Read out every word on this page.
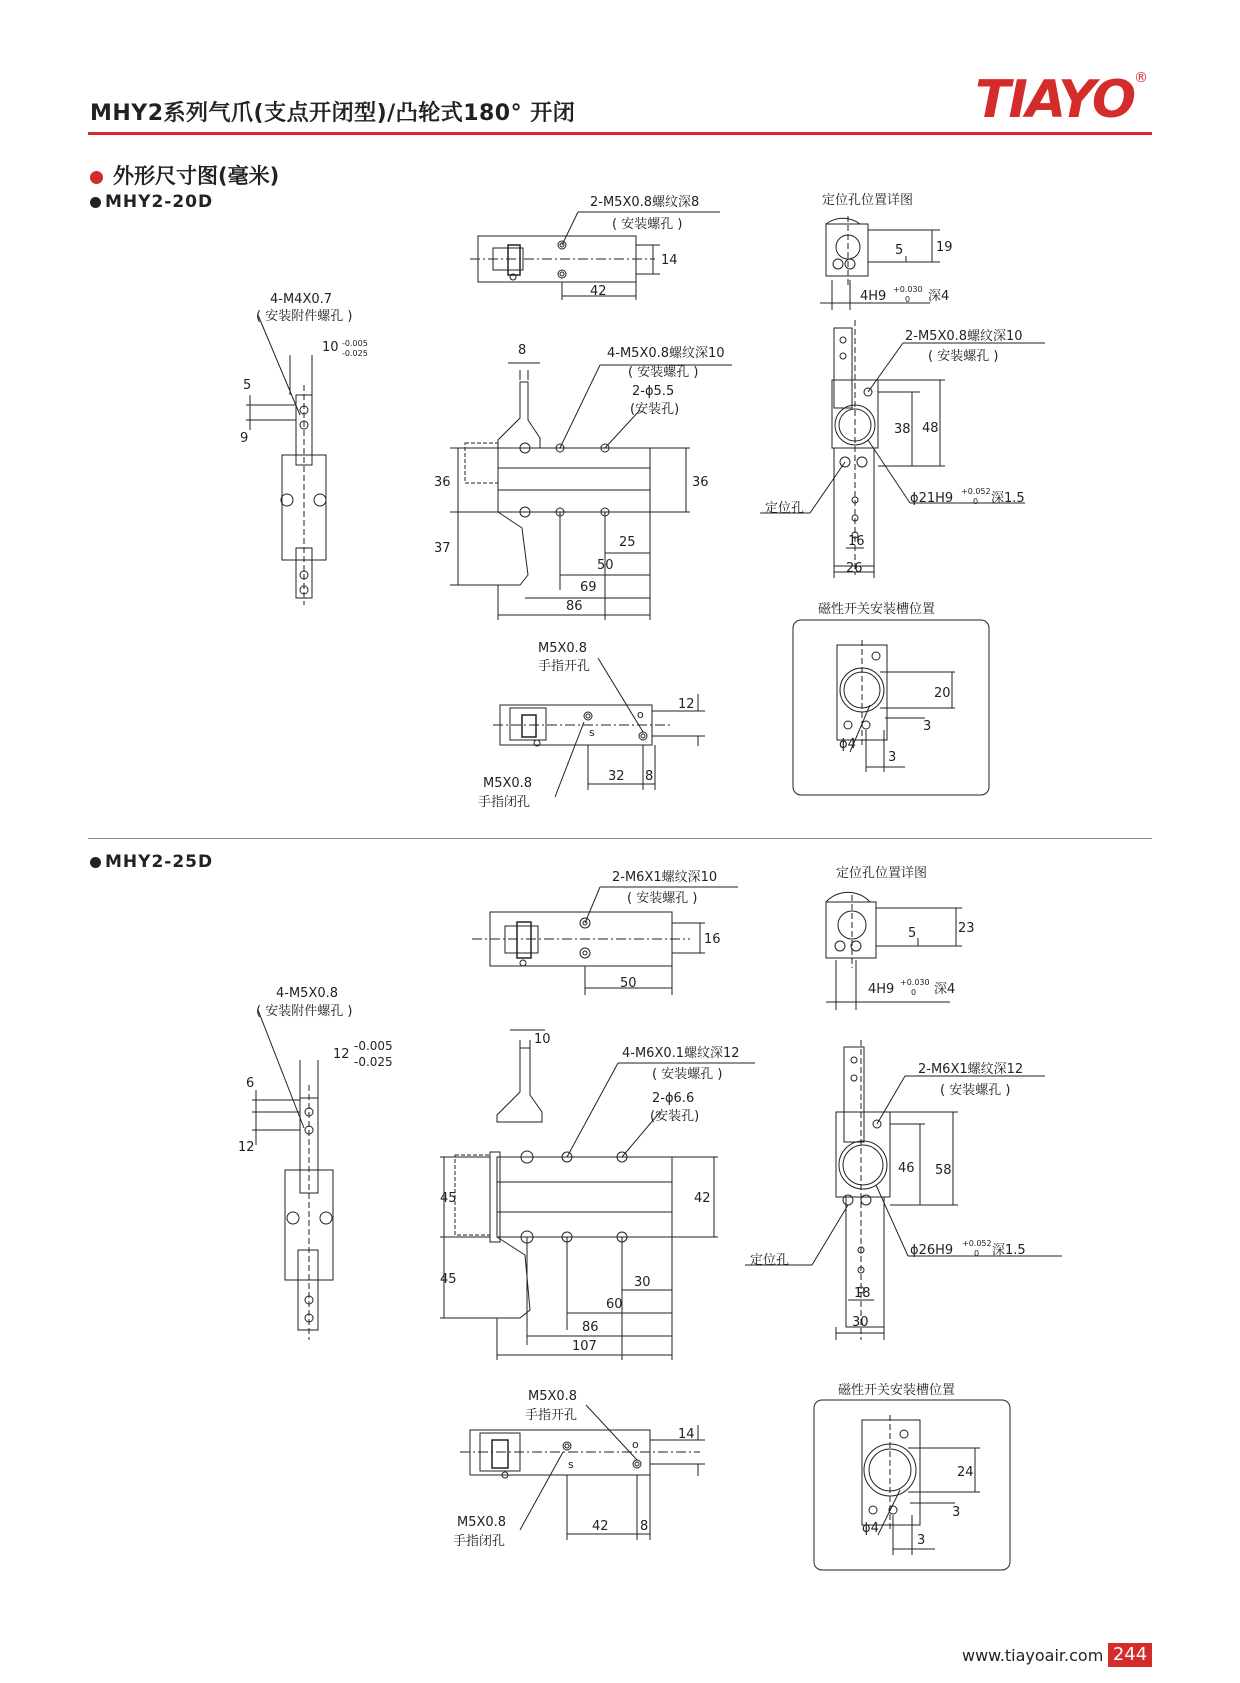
MHY2系列气爪(支点开闭型)/凸轮式180° 开闭	TIAYO ®
外形尺寸图(毫米)
MHY2-20D	2-M5X0.8螺纹深8
( 安装螺孔 )
14
42
定位孔位置详图
5	19
4H9 +0.030
0 深4
4-M4X0.7
( 安装附件螺孔 )
10 -0.005
-0.025
5
9
8	4-M5X0.8螺纹深10
( 安装螺孔 )
2-ϕ5.5
(安装孔)
36	36
37	25
50
69
86
2-M5X0.8螺纹深10
( 安装螺孔 )
38 48
定位孔
ϕ21H9 +0.052
0 深1.5
16
26
磁性开关安装槽位置
20
3
3
ϕ4
M5X0.8
手指开孔
12
o
s
32 8
M5X0.8
手指闭孔
MHY2-25D
2-M6X1螺纹深10
( 安装螺孔 )
16
50
定位孔位置详图
5	23
4H9 +0.030
0 深4
4-M5X0.8
( 安装附件螺孔 )
12
-0.005
-0.025
6
12
10
4-M6X0.1螺纹深12
( 安装螺孔 )
2-ϕ6.6
(安装孔)
45	42
45	30
60
86
107
2-M6X1螺纹深12
( 安装螺孔 )
46 58
定位孔
ϕ26H9 +0.052
0 深1.5
18
30
磁性开关安装槽位置
24
3
3
ϕ4
M5X0.8
手指开孔
14
o
s
42 8
M5X0.8
手指闭孔
www.tiayoair.com 244
